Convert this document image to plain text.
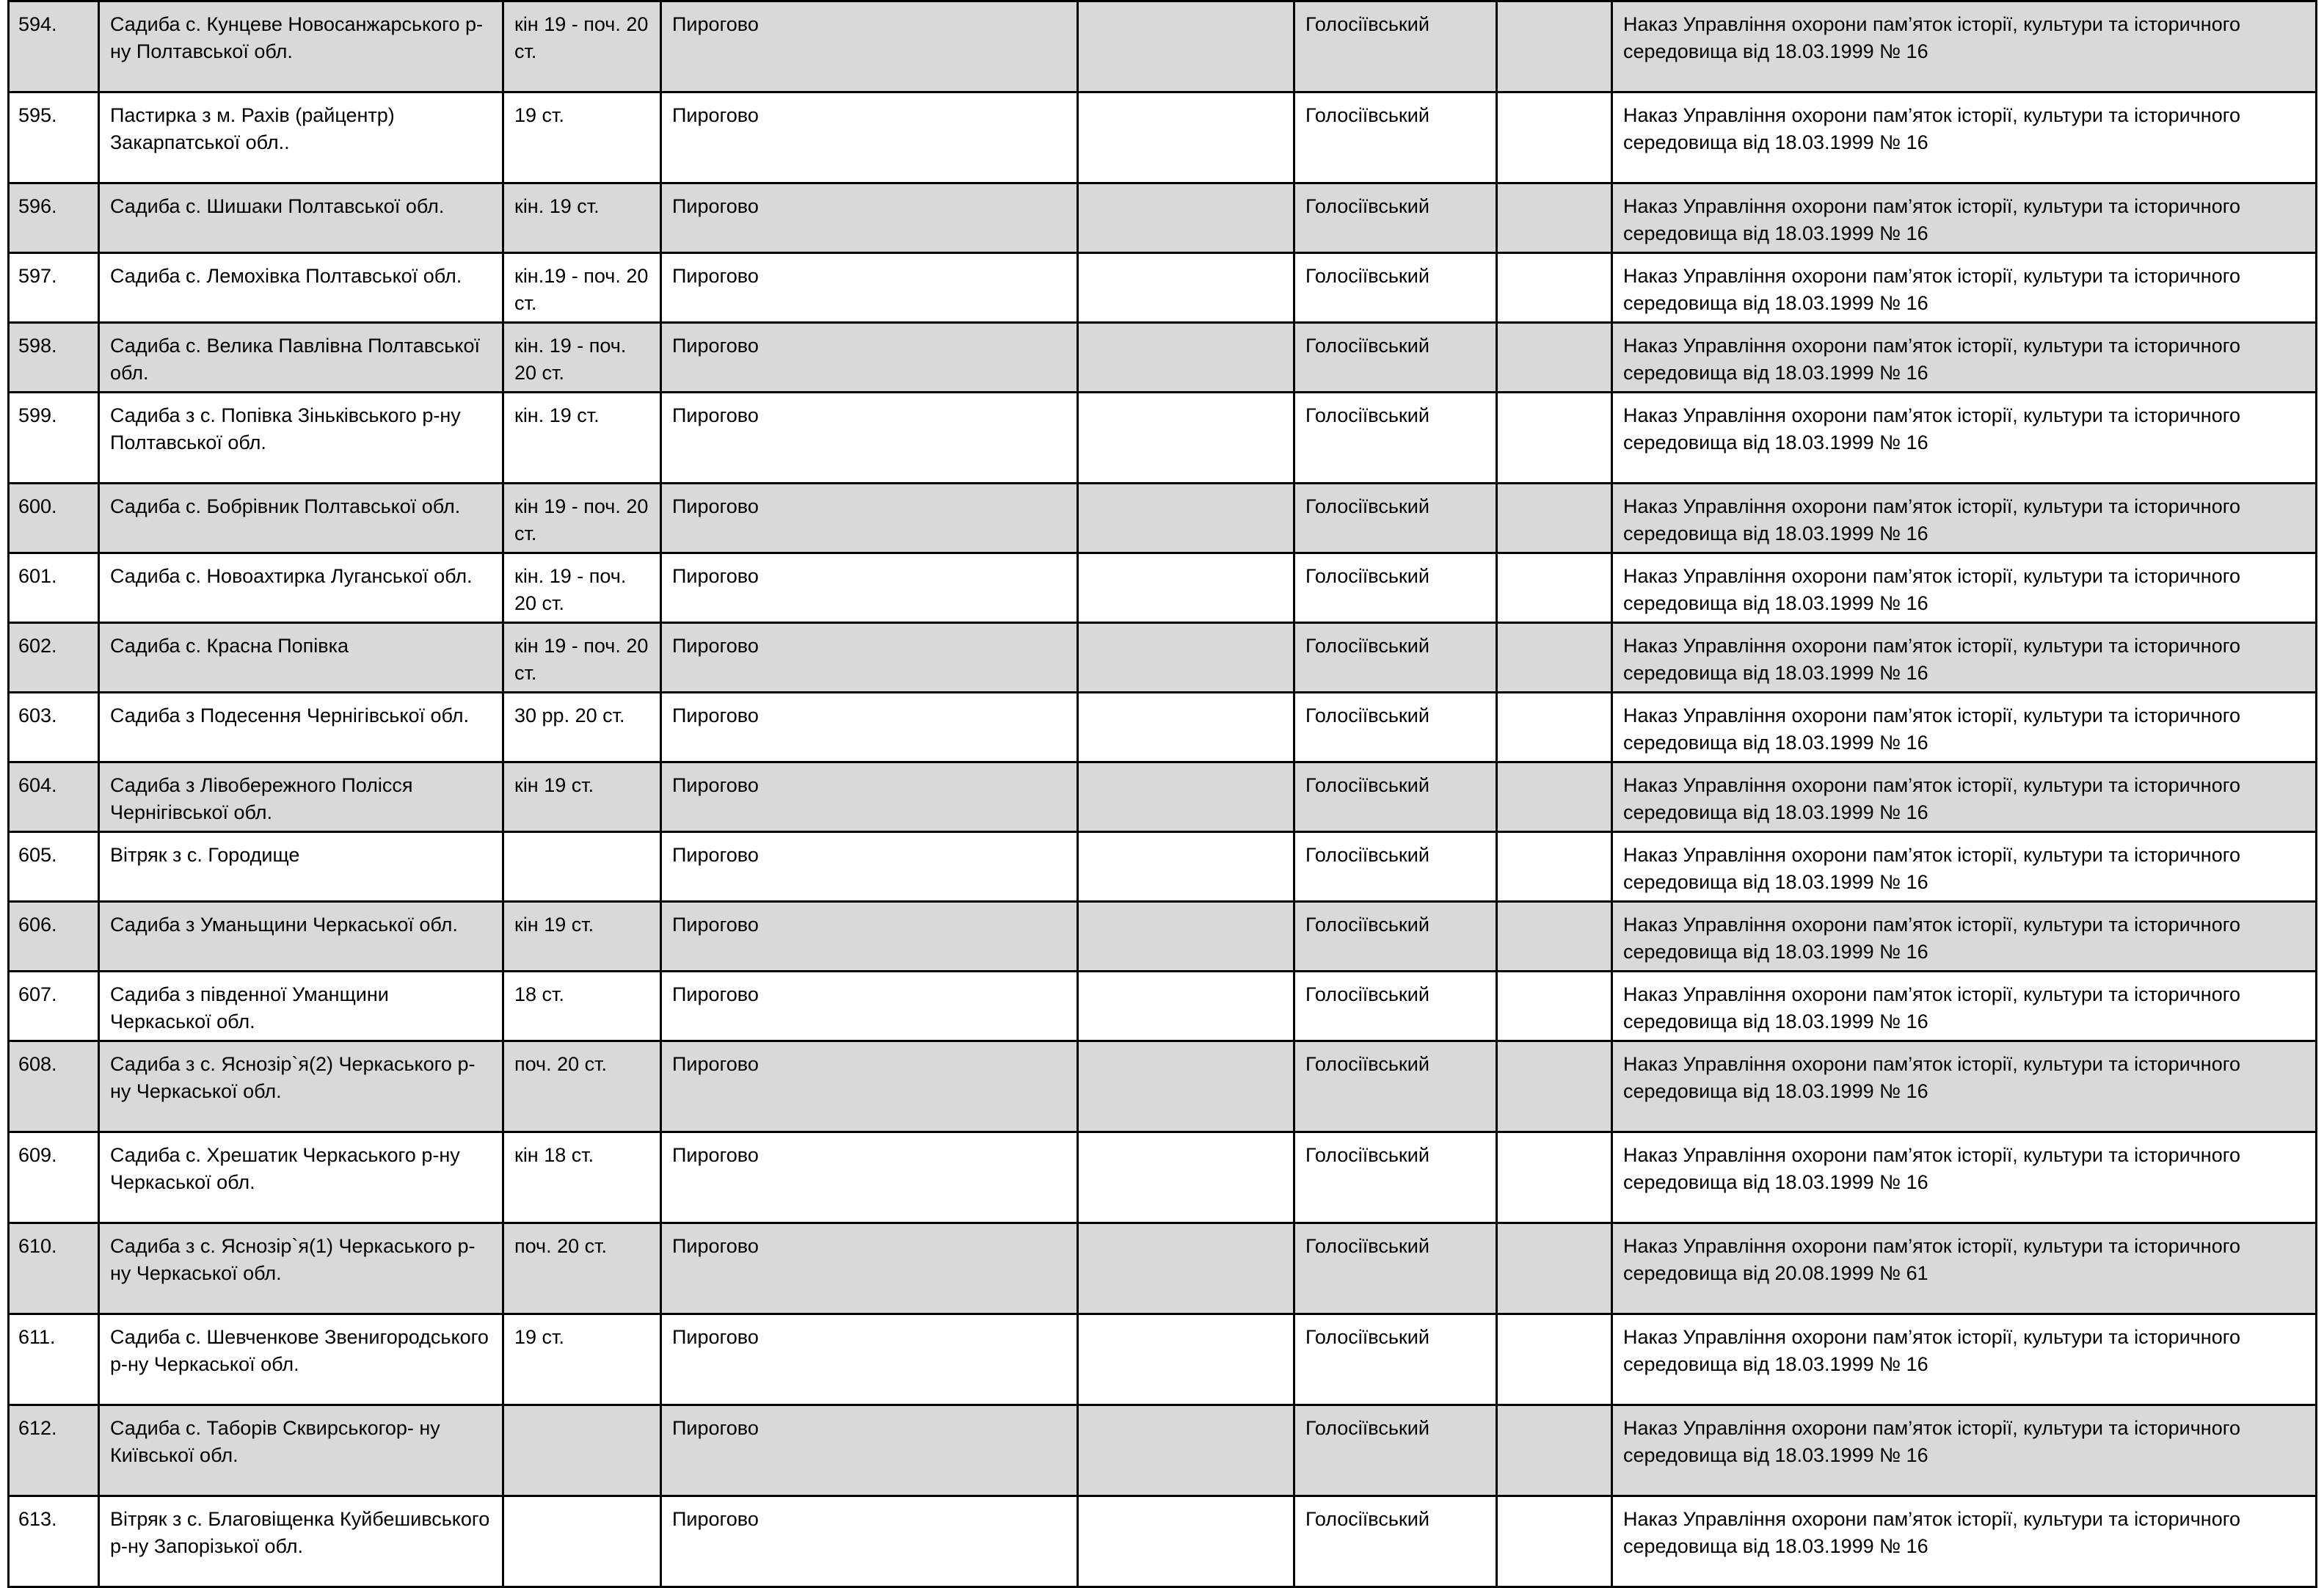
594.	Садиба с. Кунцеве Новосанжарського р-ну Полтавської обл.	кін 19 - поч. 20 ст.	Пирогово		Голосіївський		Наказ Управління охорони пам’яток історії, культури та історичного середовища від 18.03.1999 № 16
595.	Пастирка з м. Рахів (райцентр) Закарпатської обл..	19 ст.	Пирогово		Голосіївський		Наказ Управління охорони пам’яток історії, культури та історичного середовища від 18.03.1999 № 16
596.	Садиба с. Шишаки Полтавської обл.	кін. 19 ст.	Пирогово		Голосіївський		Наказ Управління охорони пам’яток історії, культури та історичного середовища від 18.03.1999 № 16
597.	Садиба с. Лемохівка Полтавської обл.	кін.19 - поч. 20 ст.	Пирогово		Голосіївський		Наказ Управління охорони пам’яток історії, культури та історичного середовища від 18.03.1999 № 16
598.	Садиба с. Велика Павлівна Полтавської обл.	кін. 19 - поч. 20 ст.	Пирогово		Голосіївський		Наказ Управління охорони пам’яток історії, культури та історичного середовища від 18.03.1999 № 16
599.	Садиба з с. Попівка Зіньківського р-ну Полтавської обл.	кін. 19 ст.	Пирогово		Голосіївський		Наказ Управління охорони пам’яток історії, культури та історичного середовища від 18.03.1999 № 16
600.	Садиба с. Бобрівник Полтавської обл.	кін 19 - поч. 20 ст.	Пирогово		Голосіївський		Наказ Управління охорони пам’яток історії, культури та історичного середовища від 18.03.1999 № 16
601.	Садиба с. Новоахтирка Луганської обл.	кін. 19 - поч. 20 ст.	Пирогово		Голосіївський		Наказ Управління охорони пам’яток історії, культури та історичного середовища від 18.03.1999 № 16
602.	Садиба с. Красна Попівка	кін 19 - поч. 20 ст.	Пирогово		Голосіївський		Наказ Управління охорони пам’яток історії, культури та історичного середовища від 18.03.1999 № 16
603.	Садиба з Подесення Чернігівської обл.	30 рр. 20 ст.	Пирогово		Голосіївський		Наказ Управління охорони пам’яток історії, культури та історичного середовища від 18.03.1999 № 16
604.	Садиба з Лівобережного Полісся Чернігівської обл.	кін 19 ст.	Пирогово		Голосіївський		Наказ Управління охорони пам’яток історії, культури та історичного середовища від 18.03.1999 № 16
605.	Вітряк з с. Городище		Пирогово		Голосіївський		Наказ Управління охорони пам’яток історії, культури та історичного середовища від 18.03.1999 № 16
606.	Садиба з Уманьщини Черкаської обл.	кін 19 ст.	Пирогово		Голосіївський		Наказ Управління охорони пам’яток історії, культури та історичного середовища від 18.03.1999 № 16
607.	Садиба з південної Уманщини Черкаської обл.	18 ст.	Пирогово		Голосіївський		Наказ Управління охорони пам’яток історії, культури та історичного середовища від 18.03.1999 № 16
608.	Садиба з с. Яснозір`я(2) Черкаського р-ну Черкаської обл.	поч. 20 ст.	Пирогово		Голосіївський		Наказ Управління охорони пам’яток історії, культури та історичного середовища від 18.03.1999 № 16
609.	Садиба с. Хрешатик Черкаського р-ну Черкаської обл.	кін 18 ст.	Пирогово		Голосіївський		Наказ Управління охорони пам’яток історії, культури та історичного середовища від 18.03.1999 № 16
610.	Садиба з с. Яснозір`я(1) Черкаського р-ну Черкаської обл.	поч. 20 ст.	Пирогово		Голосіївський		Наказ Управління охорони пам’яток історії, культури та історичного середовища від 20.08.1999 № 61
611.	Садиба с. Шевченкове Звенигородського р-ну Черкаської обл.	19 ст.	Пирогово		Голосіївський		Наказ Управління охорони пам’яток історії, культури та історичного середовища від 18.03.1999 № 16
612.	Садиба с. Таборів Сквирськогор- ну Київської обл.		Пирогово		Голосіївський		Наказ Управління охорони пам’яток історії, культури та історичного середовища від 18.03.1999 № 16
613.	Вітряк з с. Благовіщенка Куйбешивського р-ну Запорізької обл.		Пирогово		Голосіївський		Наказ Управління охорони пам’яток історії, культури та історичного середовища від 18.03.1999 № 16
